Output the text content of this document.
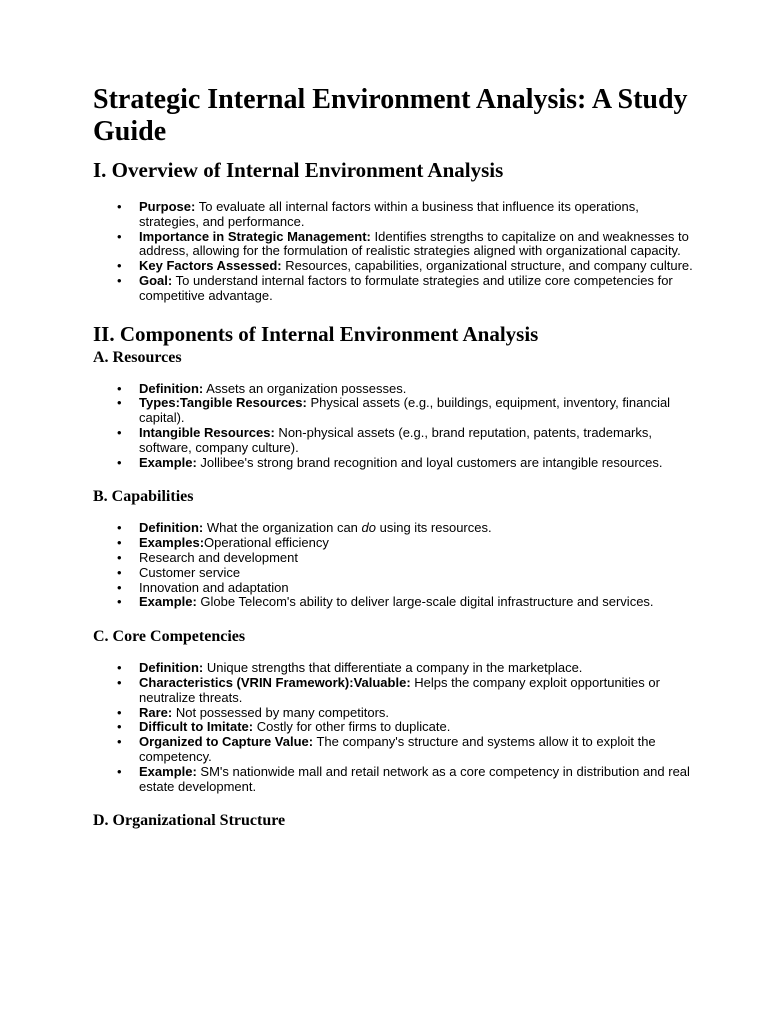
Strategic Internal Environment Analysis: A Study Guide
I. Overview of Internal Environment Analysis
• Purpose: To evaluate all internal factors within a business that influence its operations, strategies, and performance.
• Importance in Strategic Management: Identifies strengths to capitalize on and weaknesses to address, allowing for the formulation of realistic strategies aligned with organizational capacity.
• Key Factors Assessed: Resources, capabilities, organizational structure, and company culture.
• Goal: To understand internal factors to formulate strategies and utilize core competencies for competitive advantage.
II. Components of Internal Environment Analysis
A. Resources
• Definition: Assets an organization possesses.
• Types:Tangible Resources: Physical assets (e.g., buildings, equipment, inventory, financial capital).
• Intangible Resources: Non-physical assets (e.g., brand reputation, patents, trademarks, software, company culture).
• Example: Jollibee's strong brand recognition and loyal customers are intangible resources.
B. Capabilities
• Definition: What the organization can do using its resources.
• Examples:Operational efficiency
• Research and development
• Customer service
• Innovation and adaptation
• Example: Globe Telecom's ability to deliver large-scale digital infrastructure and services.
C. Core Competencies
• Definition: Unique strengths that differentiate a company in the marketplace.
• Characteristics (VRIN Framework):Valuable: Helps the company exploit opportunities or neutralize threats.
• Rare: Not possessed by many competitors.
• Difficult to Imitate: Costly for other firms to duplicate.
• Organized to Capture Value: The company's structure and systems allow it to exploit the competency.
• Example: SM's nationwide mall and retail network as a core competency in distribution and real estate development.
D. Organizational Structure
